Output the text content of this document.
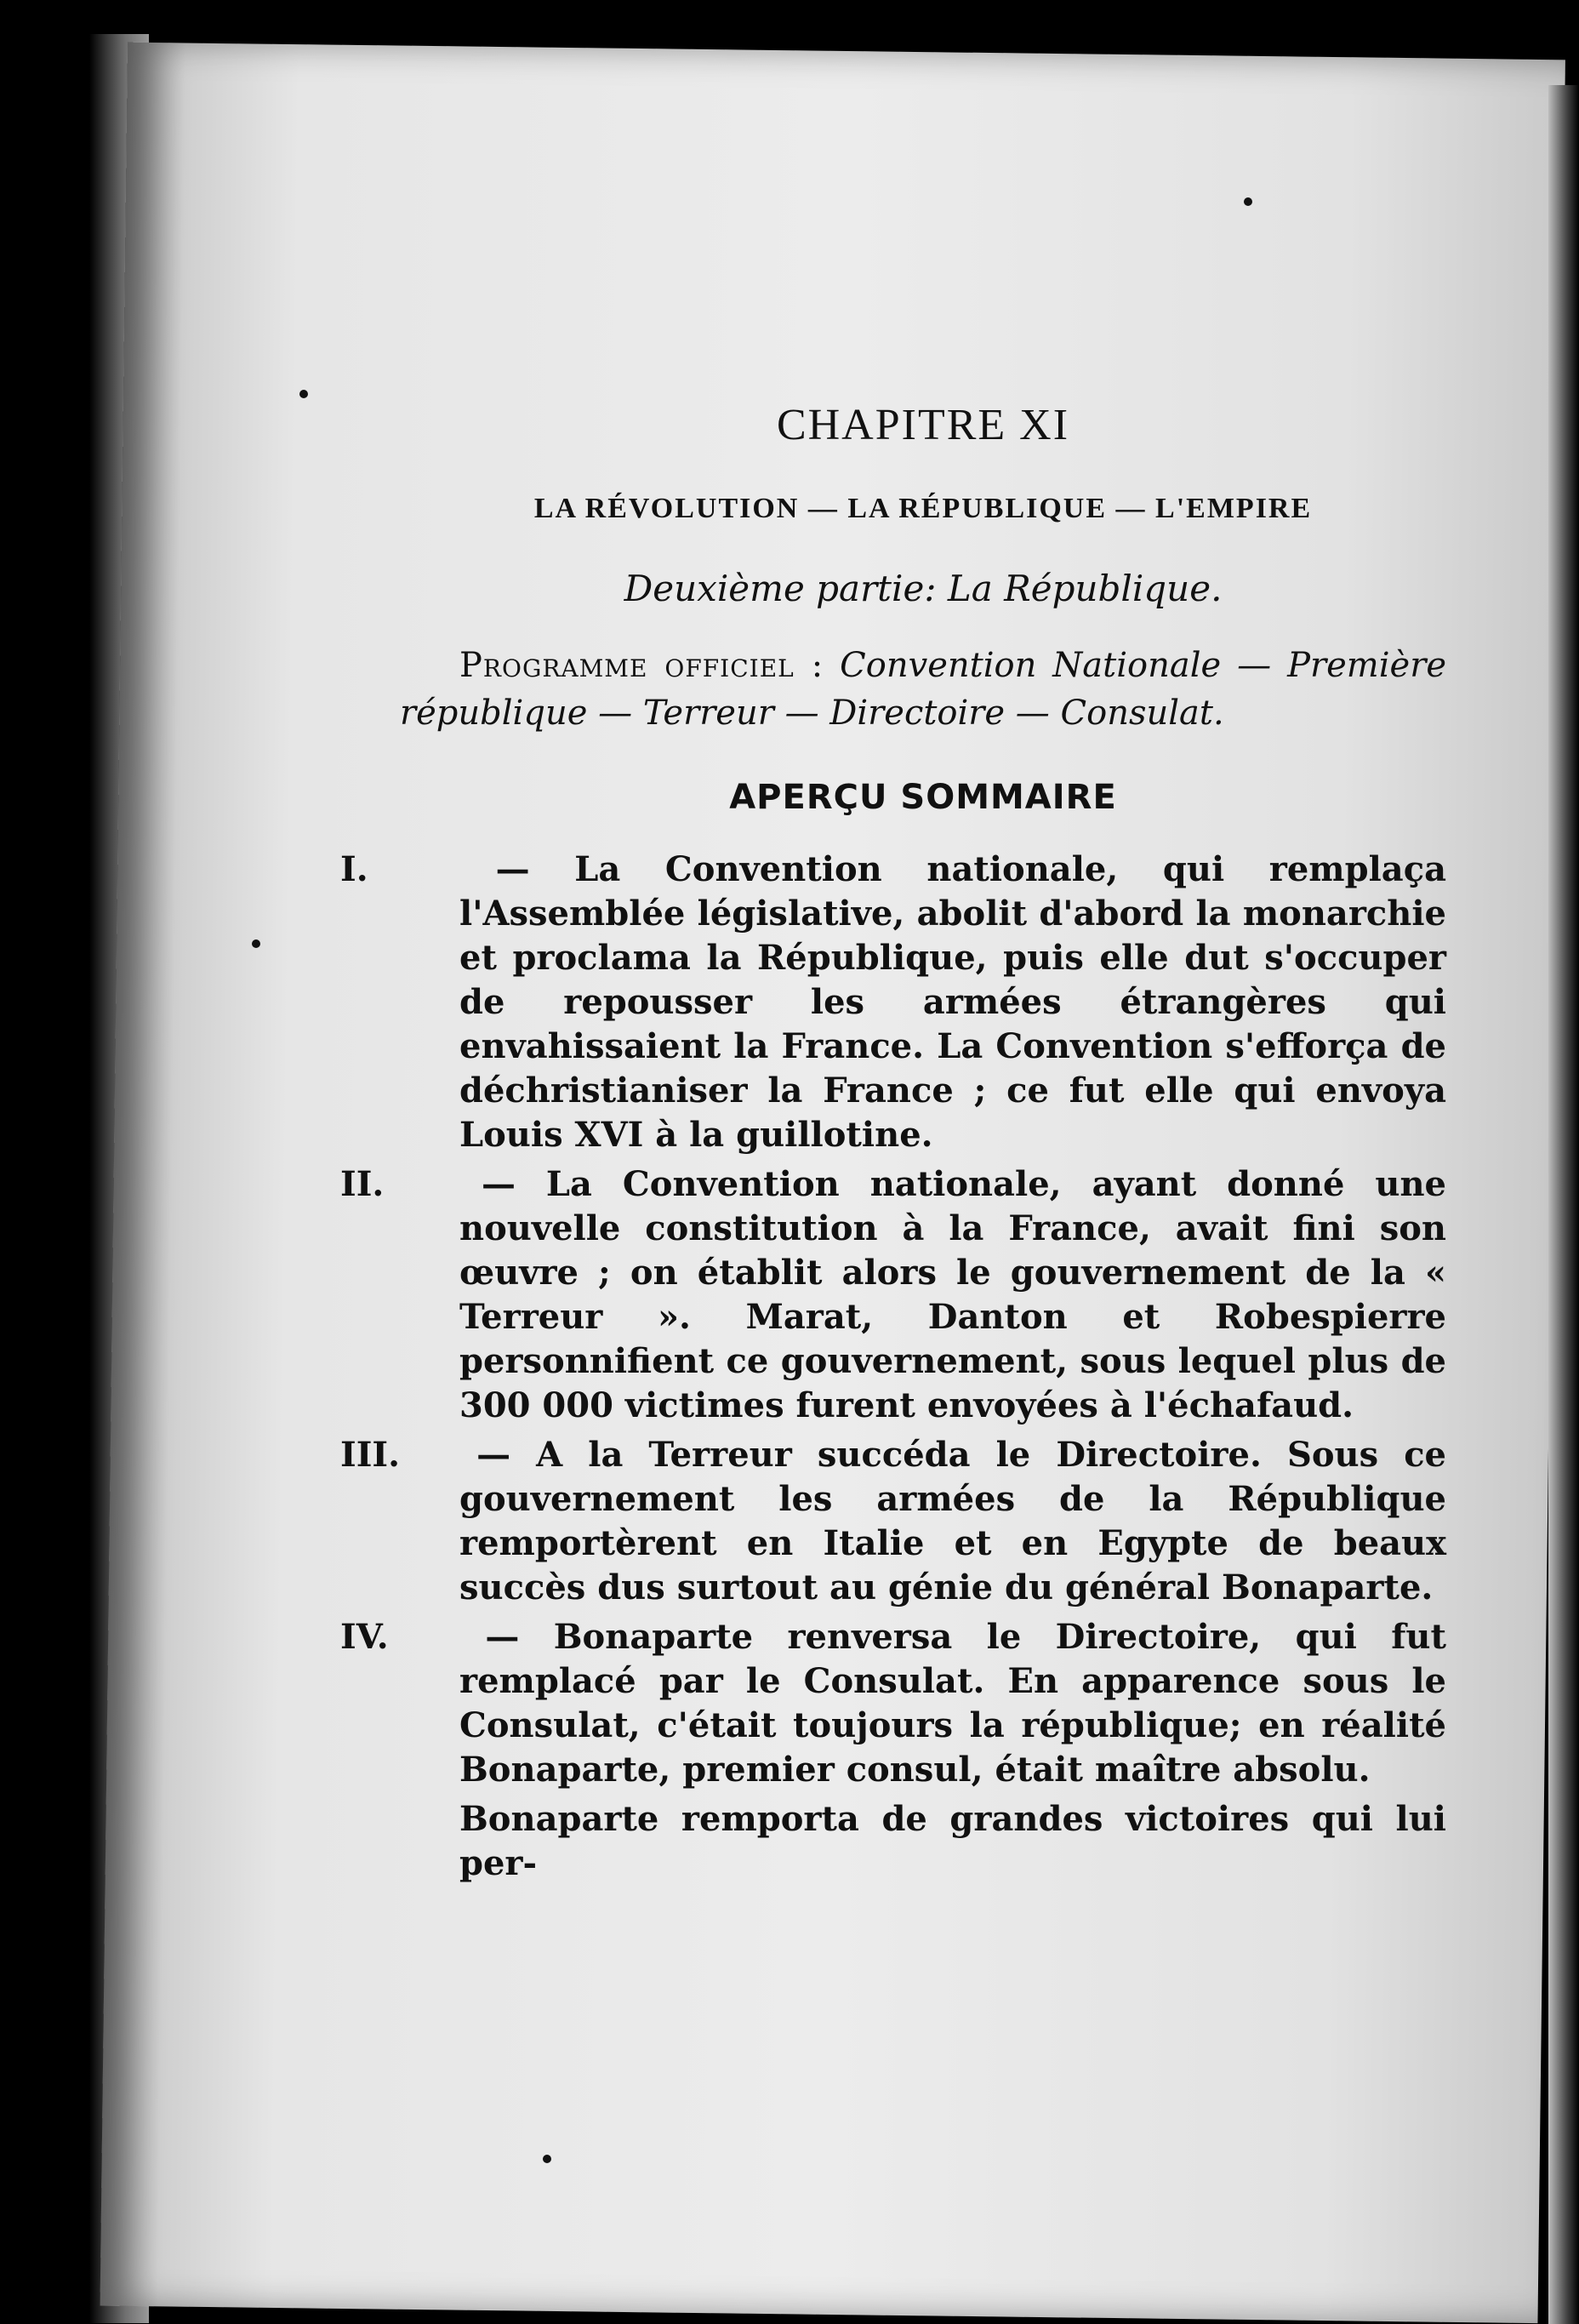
CHAPITRE XI
LA RÉVOLUTION — LA RÉPUBLIQUE — L'EMPIRE
Deuxième partie: La République.

Programme officiel : Convention Nationale — Première république — Terreur — Directoire — Consulat.

APERÇU SOMMAIRE

I.	— La Convention nationale, qui remplaça l'Assemblée législative, abolit d'abord la monarchie et proclama la République, puis elle dut s'occuper de repousser les armées étrangères qui envahissaient la France. La Convention s'efforça de déchristianiser la France ; ce fut elle qui envoya Louis XVI à la guillotine.

II.	— La Convention nationale, ayant donné une nouvelle constitution à la France, avait fini son œuvre ; on établit alors le gouvernement de la « Terreur ». Marat, Danton et Robespierre personnifient ce gouvernement, sous lequel plus de 300 000 victimes furent envoyées à l'échafaud.

III. — A la Terreur succéda le Directoire. Sous ce gouvernement les armées de la République remportèrent en Italie et en Egypte de beaux succès dus surtout au génie du général Bonaparte.

IV.	— Bonaparte renversa le Directoire, qui fut remplacé par le Consulat. En apparence sous le Consulat, c'était toujours la république; en réalité Bonaparte, premier consul, était maître absolu.

Bonaparte remporta de grandes victoires qui lui per-
